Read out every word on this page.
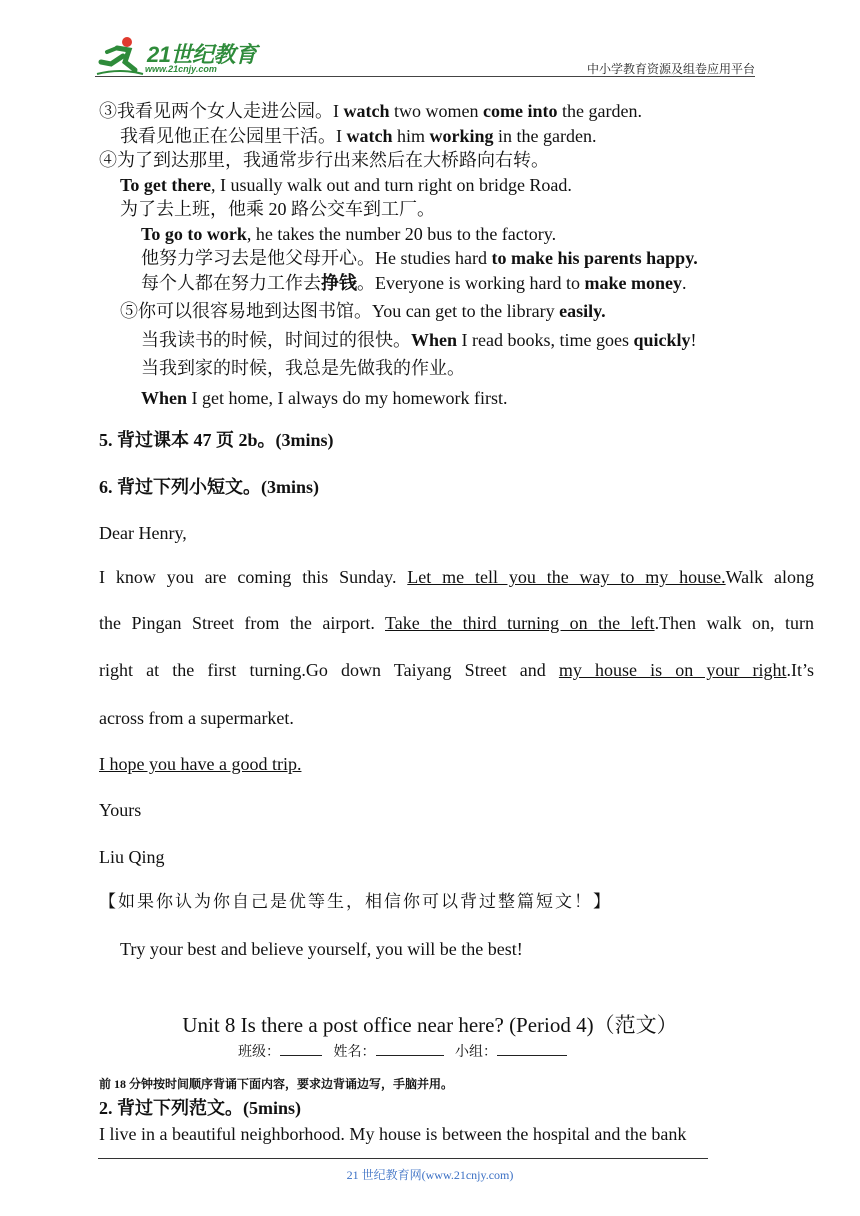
21世纪教育
www.21cnjy.com	中小学教育资源及组卷应用平台
③我看见两个女人走进公园。I watch two women come into the garden.
我看见他正在公园里干活。I watch him working in the garden.
④为了到达那里，我通常步行出来然后在大桥路向右转。
To get there, I usually walk out and turn right on bridge Road.
为了去上班，他乘 20 路公交车到工厂。
To go to work, he takes the number 20 bus to the factory.
他努力学习去是他父母开心。He studies hard to make his parents happy.
每个人都在努力工作去挣钱。Everyone is working hard to make money.
⑤你可以很容易地到达图书馆。You can get to the library easily.
当我读书的时候，时间过的很快。When I read books, time goes quickly!
当我到家的时候，我总是先做我的作业。
When I get home, I always do my homework first.
5. 背过课本 47 页 2b。(3mins)
6. 背过下列小短文。(3mins)
Dear Henry,
I know you are coming this Sunday. Let me tell you the way to my house.Walk along
the Pingan Street from the airport. Take the third turning on the left.Then walk on, turn
right at the first turning.Go down Taiyang Street and my house is on your right.It’s
across from a supermarket.
I hope you have a good trip.
Yours
Liu Qing
【如果你认为你自己是优等生，相信你可以背过整篇短文！】
Try your best and believe yourself, you will be the best!
Unit 8 Is there a post office near here? (Period 4)（范文）
班级：	姓名：	小组：
前 18 分钟按时间顺序背诵下面内容，要求边背诵边写，手脑并用。
2. 背过下列范文。(5mins)
I live in a beautiful neighborhood. My house is between the hospital and the bank
21 世纪教育网(www.21cnjy.com)
